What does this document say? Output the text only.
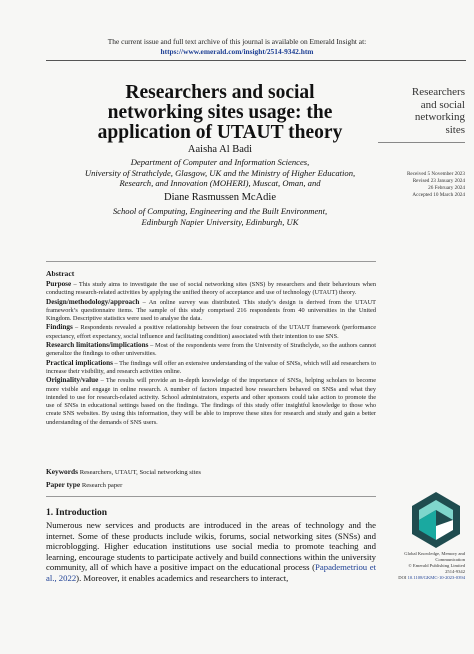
The current issue and full text archive of this journal is available on Emerald Insight at:
https://www.emerald.com/insight/2514-9342.htm
Researchers and social
networking sites usage: the
application of UTAUT theory
Aaisha Al Badi
Department of Computer and Information Sciences,
University of Strathclyde, Glasgow, UK and the Ministry of Higher Education,
Research, and Innovation (MOHERI), Muscat, Oman, and
Diane Rasmussen McAdie
School of Computing, Engineering and the Built Environment,
Edinburgh Napier University, Edinburgh, UK
Researchers
and social
networking
sites
Received 5 November 2023
Revised 23 January 2024
26 February 2024
Accepted 10 March 2024
Abstract

Purpose – This study aims to investigate the use of social networking sites (SNS) by researchers and their behaviours when conducting research-related activities by applying the unified theory of acceptance and use of technology (UTAUT) theory.

Design/methodology/approach – An online survey was distributed. This study’s design is derived from the UTAUT framework’s questionnaire items. The sample of this study comprised 216 respondents from 40 universities in the United Kingdom. Descriptive statistics were used to analyse the data.

Findings – Respondents revealed a positive relationship between the four constructs of the UTAUT framework (performance expectancy, effort expectancy, social influence and facilitating condition) associated with their intention to use SNS.

Research limitations/implications – Most of the respondents were from the University of Strathclyde, so the authors cannot generalize the findings to other universities.

Practical implications – The findings will offer an extensive understanding of the value of SNSs, which will aid researchers to increase their visibility, and research activities online.

Originality/value – The results will provide an in-depth knowledge of the importance of SNSs, helping scholars to become more visible and engage in online research. A number of factors impacted how researchers behaved on SNSs and what they intended to use for research-related activity. School administrators, experts and other sponsors could take action to promote the use of SNSs in educational settings based on the findings. The findings of this study offer insightful knowledge to those who create SNS websites. By using this information, they will be able to improve these sites for research and study and gain a better understanding of the demands of SNS users.

Keywords Researchers, UTAUT, Social networking sites
Paper type Research paper
1. Introduction
Numerous new services and products are introduced in the areas of technology and the internet. Some of these products include wikis, forums, social networking sites (SNSs) and microblogging. Higher education institutions use social media to promote teaching and learning, encourage students to participate actively and build connections within the university community, all of which have a positive impact on the educational process (Papademetriou et al., 2022). Moreover, it enables academics and researchers to interact,
Global Knowledge, Memory and
Communication
© Emerald Publishing Limited
2514-9342
DOI 10.1108/GKMC-10-2023-0394
